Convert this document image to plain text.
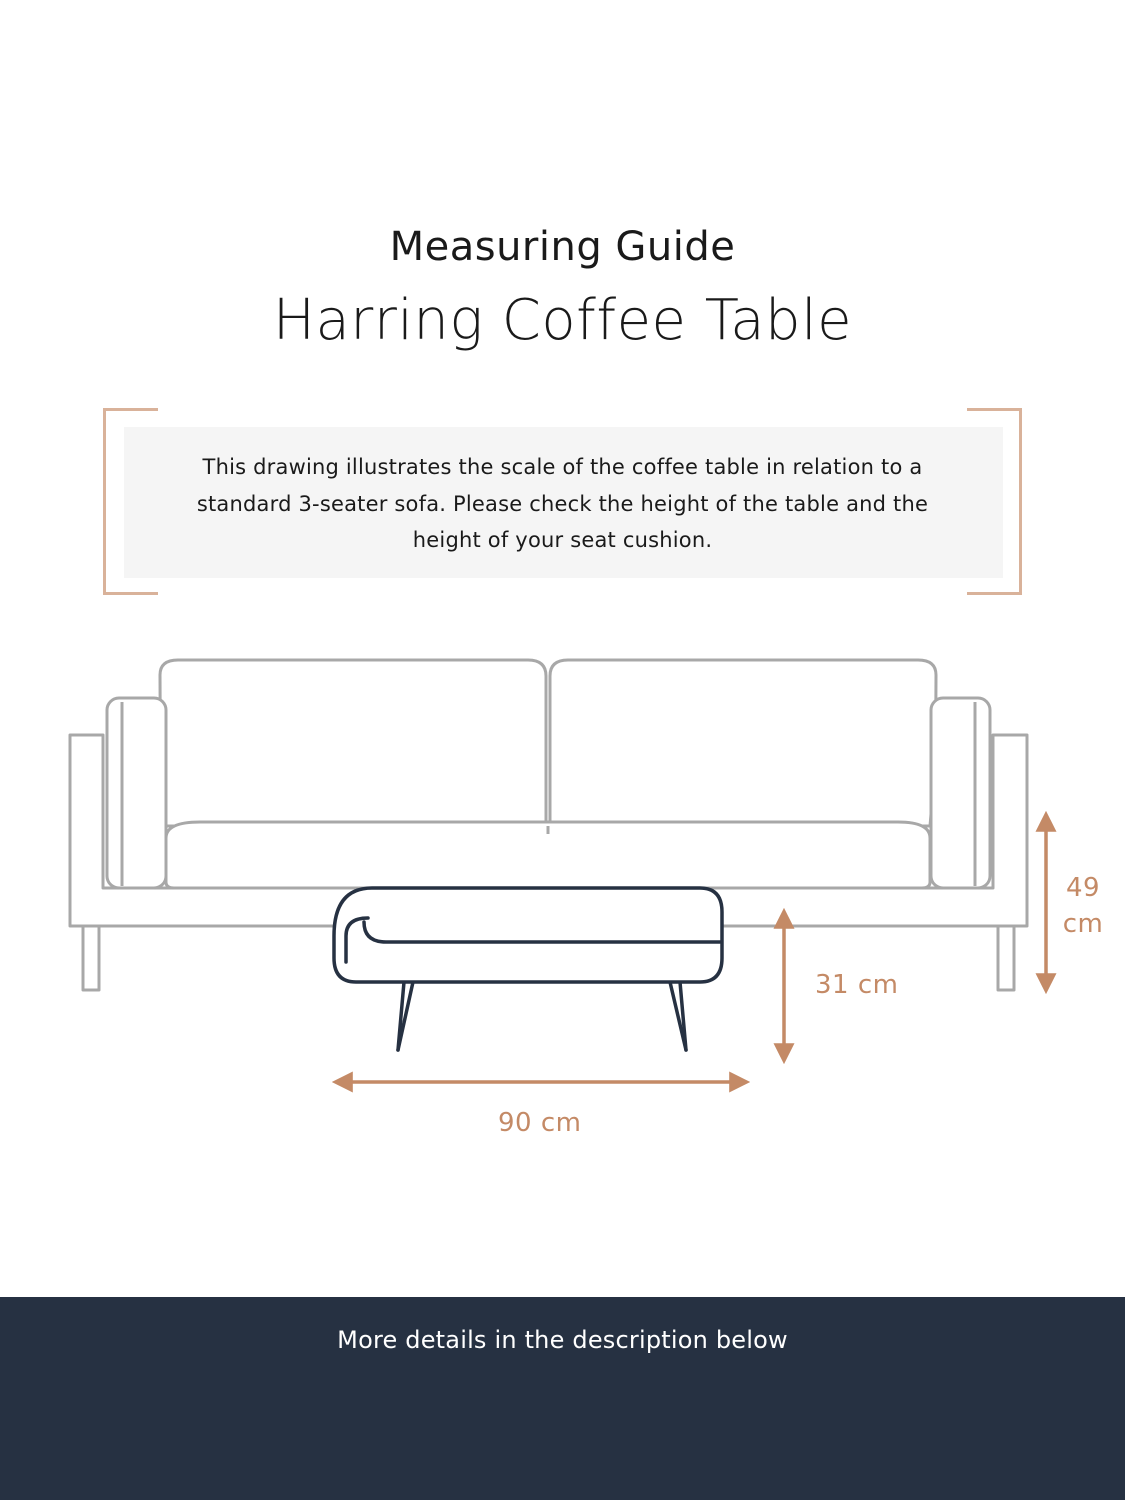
Measuring Guide
Harring Coffee Table
This drawing illustrates the scale of the coffee table in relation to a standard 3-seater sofa. Please check the height of the table and the height of your seat cushion.
49
cm
31 cm
90 cm
More details in the description below
